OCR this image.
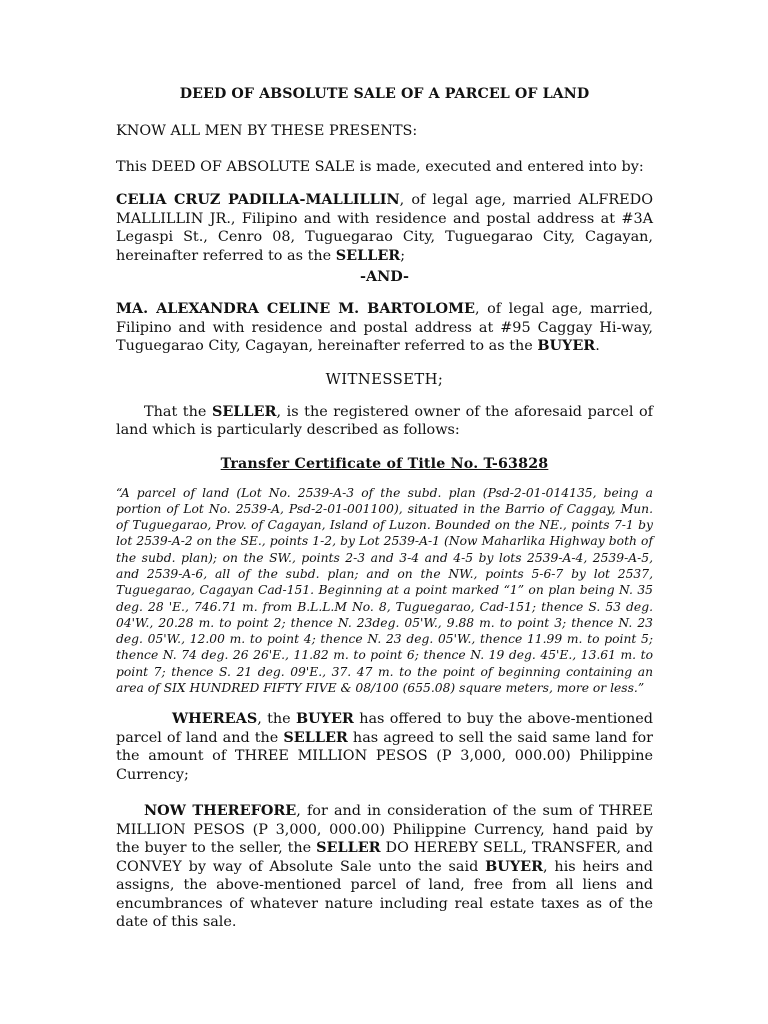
DEED OF ABSOLUTE SALE OF A PARCEL OF LAND

KNOW ALL MEN BY THESE PRESENTS:

This DEED OF ABSOLUTE SALE is made, executed and entered into by:

CELIA CRUZ PADILLA-MALLILLIN, of legal age, married ALFREDO MALLILLIN JR., Filipino and with residence and postal address at #3A Legaspi St., Cenro 08, Tuguegarao City, Tuguegarao City, Cagayan, hereinafter referred to as the SELLER;

-AND-

MA. ALEXANDRA CELINE M. BARTOLOME, of legal age, married, Filipino and with residence and postal address at #95 Caggay Hi-way, Tuguegarao City, Cagayan, hereinafter referred to as the BUYER.

WITNESSETH;

That the SELLER, is the registered owner of the aforesaid parcel of land which is particularly described as follows:

Transfer Certificate of Title No. T-63828

“A parcel of land (Lot No. 2539-A-3 of the subd. plan (Psd-2-01-014135, being a portion of Lot No. 2539-A, Psd-2-01-001100), situated in the Barrio of Caggay, Mun. of Tuguegarao, Prov. of Cagayan, Island of Luzon. Bounded on the NE., points 7-1 by lot 2539-A-2 on the SE., points 1-2, by Lot 2539-A-1 (Now Maharlika Highway both of the subd. plan); on the SW., points 2-3 and 3-4 and 4-5 by lots 2539-A-4, 2539-A-5, and 2539-A-6, all of the subd. plan; and on the NW., points 5-6-7 by lot 2537, Tuguegarao, Cagayan Cad-151. Beginning at a point marked “1” on plan being N. 35 deg. 28 'E., 746.71 m. from B.L.L.M No. 8, Tuguegarao, Cad-151; thence S. 53 deg. 04'W., 20.28 m. to point 2; thence N. 23deg. 05'W., 9.88 m. to point 3; thence N. 23 deg. 05'W., 12.00 m. to point 4; thence N. 23 deg. 05'W., thence 11.99 m. to point 5; thence N. 74 deg. 26 26'E., 11.82 m. to point 6; thence N. 19 deg. 45'E., 13.61 m. to point 7; thence S. 21 deg. 09'E., 37. 47 m. to the point of beginning containing an area of SIX HUNDRED FIFTY FIVE & 08/100 (655.08) square meters, more or less.”

WHEREAS, the BUYER has offered to buy the above-mentioned parcel of land and the SELLER has agreed to sell the said same land for the amount of THREE MILLION PESOS (P 3,000, 000.00) Philippine Currency;

NOW THEREFORE, for and in consideration of the sum of THREE MILLION PESOS (P 3,000, 000.00) Philippine Currency, hand paid by the buyer to the seller, the SELLER DO HEREBY SELL, TRANSFER, and CONVEY by way of Absolute Sale unto the said BUYER, his heirs and assigns, the above-mentioned parcel of land, free from all liens and encumbrances of whatever nature including real estate taxes as of the date of this sale.
